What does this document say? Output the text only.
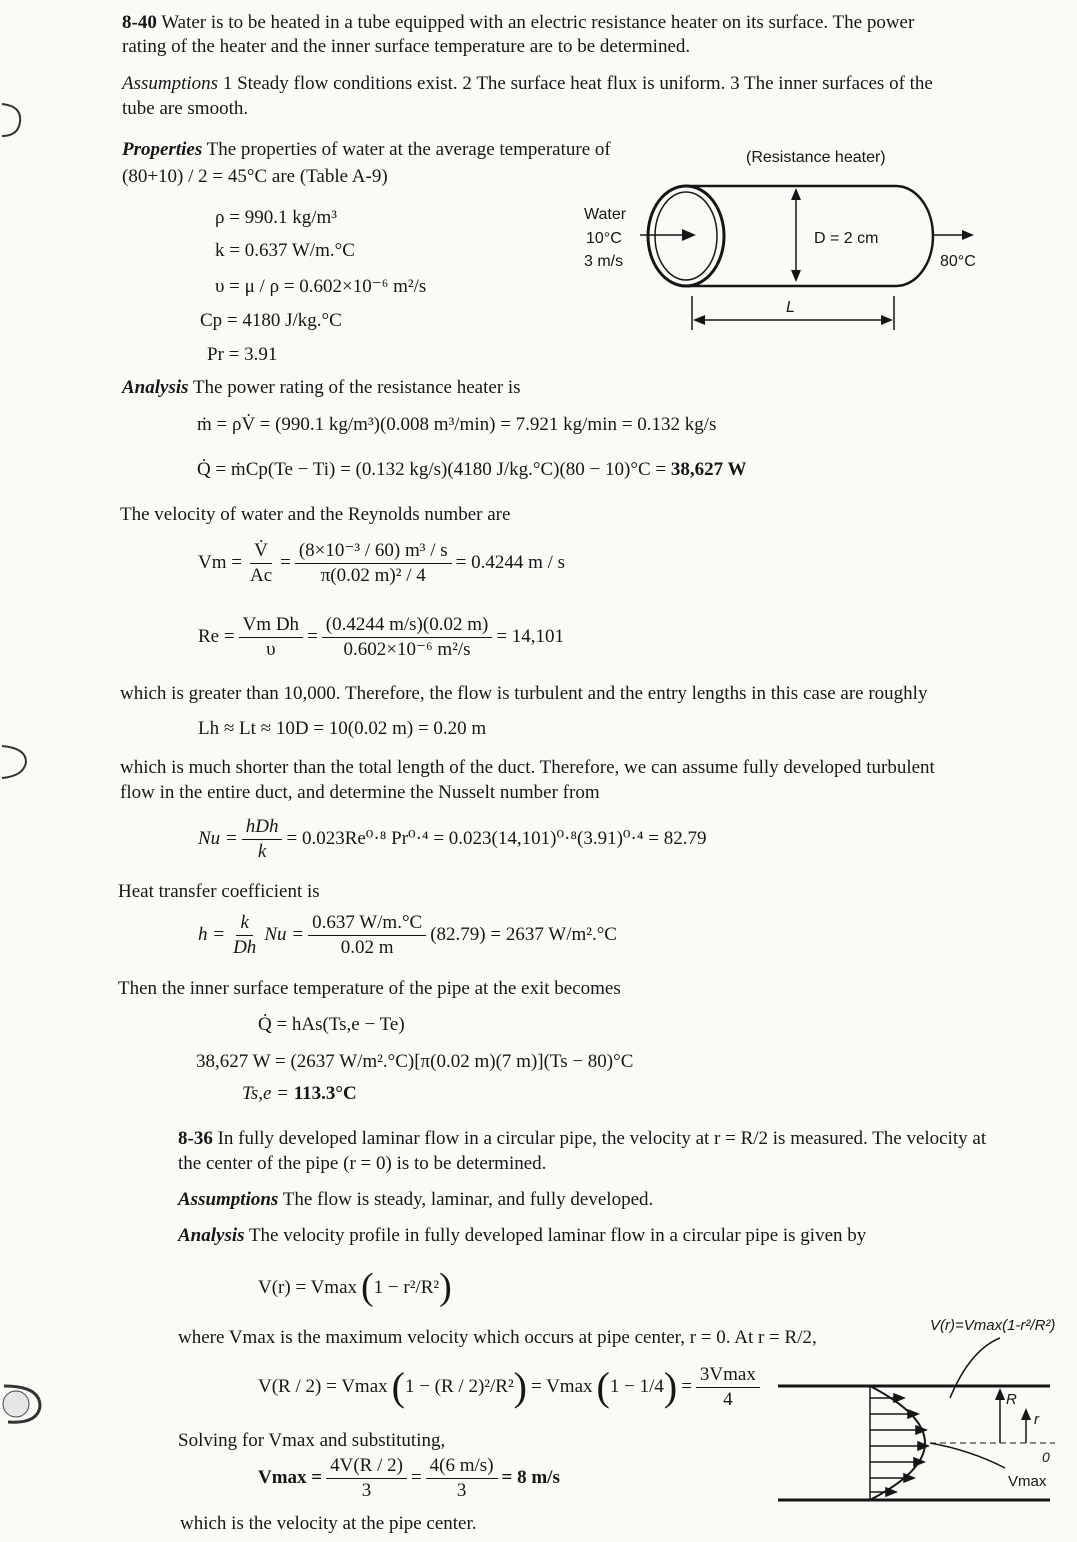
8-40 Water is to be heated in a tube equipped with an electric resistance heater on its surface. The power
rating of the heater and the inner surface temperature are to be determined.
Assumptions 1 Steady flow conditions exist. 2 The surface heat flux is uniform. 3 The inner surfaces of the
tube are smooth.
Properties The properties of water at the average temperature of
(80+10) / 2 = 45°C are (Table A-9)
ρ = 990.1 kg/m³
k = 0.637 W/m.°C
υ = μ / ρ = 0.602×10⁻⁶ m²/s
Cp = 4180 J/kg.°C
Pr = 3.91
(Resistance heater)
Water
10°C
3 m/s
D = 2 cm
80°C
L
Analysis The power rating of the resistance heater is
ṁ = ρV̇ = (990.1 kg/m³)(0.008 m³/min) = 7.921 kg/min = 0.132 kg/s
Q̇ = ṁCp(Te − Ti) = (0.132 kg/s)(4180 J/kg.°C)(80 − 10)°C = 38,627 W
The velocity of water and the Reynolds number are
$Vm = \frac{V̇}{Ac} = \frac{\text{(8×10⁻³ / 60) m³ / s}}{\text{π(0.02 m)² / 4}} = 0.4244$ m / s
$Re = \frac{\text{Vm Dh}}{\upsilon} = \frac{(0.4244 m/s)(0.02 m)}{\text{0.602×10⁻⁶ m²/s}} = 14,101$
which is greater than 10,000. Therefore, the flow is turbulent and the entry lengths in this case are roughly
Lh ≈ Lt ≈ 10D = 10(0.02 m) = 0.20 m
which is much shorter than the total length of the duct. Therefore, we can assume fully developed turbulent
flow in the entire duct, and determine the Nusselt number from
$Nu = \frac{\text{hDh}}{k} = 0.023Re^0\cdot^8$ Pr⁰·⁴ = 0.023(14,101)⁰·⁸(3.91)⁰·⁴ = 82.79
Heat transfer coefficient is
$h = \frac{k}{Dh}$ $Nu = \frac{0.637 W/m.^\circ C}{0.02 m} (82.79) = 2637$ W/m².°C
Then the inner surface temperature of the pipe at the exit becomes
Q̇ = hAs(Ts,e − Te)
38,627 W = (2637 W/m².°C)[π(0.02 m)(7 m)](Ts − 80)°C
Ts,e = 113.3°C
8-36 In fully developed laminar flow in a circular pipe, the velocity at r = R/2 is measured. The velocity at
the center of the pipe (r = 0) is to be determined.
Assumptions The flow is steady, laminar, and fully developed.
Analysis The velocity profile in fully developed laminar flow in a circular pipe is given by
V(r) = Vmax ( 1 − r²/R² )
where Vmax is the maximum velocity which occurs at pipe center, r = 0. At r = R/2,
V(R / 2) = Vmax ( 1 − (R / 2)²/R² ) = Vmax ( 1 − 1/4 ) = $\frac{3Vmax}{4}$
Solving for Vmax and substituting,
$Vmax = \frac{4V(R / 2)}{3} = \frac{4(6 m/s)}{3} = 8$ m/s
which is the velocity at the pipe center.
V(r)=Vmax(1-r²/R²)
R
r
0
Vmax
